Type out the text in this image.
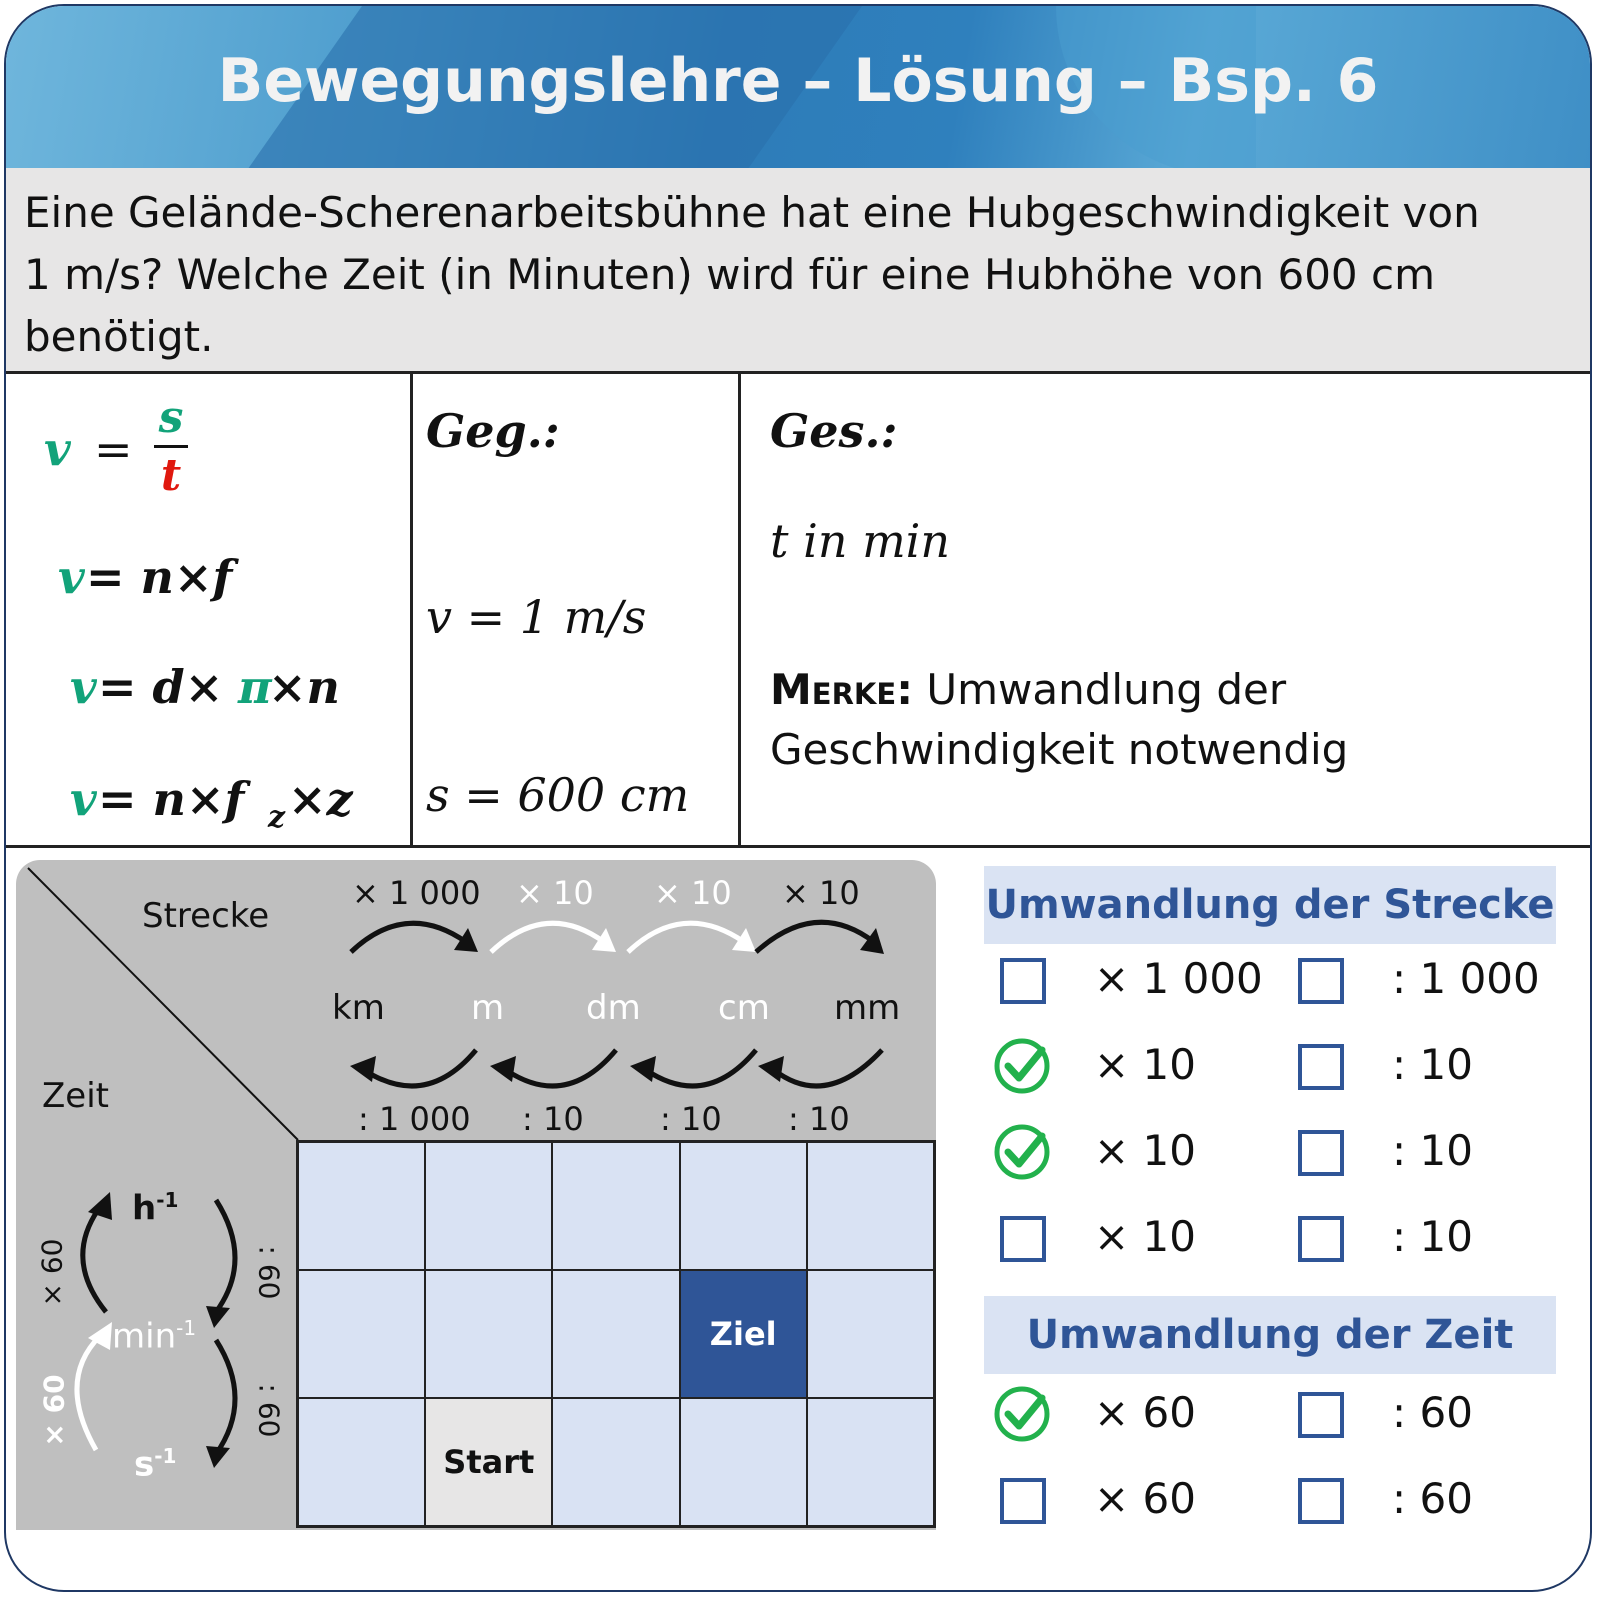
Bewegungslehre – Lösung – Bsp. 6
Eine Gelände-Scherenarbeitsbühne hat eine Hubgeschwindigkeit von 1 m/s? Welche Zeit (in Minuten) wird für eine Hubhöhe von 600 cm benötigt.
v =
s
t
v = n×f
v = d× π
×n
v = n×f z ×z
Geg.:
v = 1 m/s
s = 600 cm
Ges.:
t in min
Merke: Umwandlung der Geschwindigkeit notwendig
Strecke
Zeit
× 1 000 × 10 × 10 × 10
km	m dm cm mm
: 1 000 : 10 : 10 : 10
$h^{-1}$
$\min^{-1}$
$s^{-1}$
× 60
× 60
: 60
: 60
Ziel
Start
Umwandlung der Strecke
× 1 000
× 10
× 10
× 10
: 1 000
: 10
: 10
: 10
Umwandlung der Zeit
× 60
× 60
: 60
: 60
